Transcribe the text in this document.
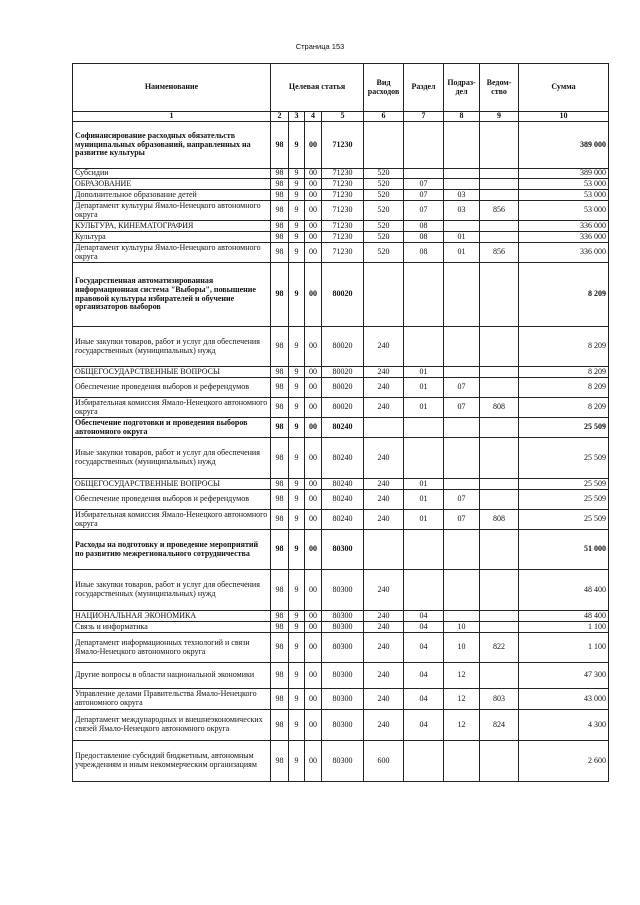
Страница 153
Наименование	Целевая статья				Вид расходов	Раздел	Подраз-дел	Ведом-ство	Сумма
1	2	3	4	5	6	7	8	9	10
Софинансирование расходных обязательств муниципальных образований, направленных на развитие культуры	98	9	00	71230					389 000
Субсидии	98	9	00	71230	520				389 000
ОБРАЗОВАНИЕ	98	9	00	71230	520	07			53 000
Дополнительное образование детей	98	9	00	71230	520	07	03		53 000
Департамент культуры Ямало-Ненецкого автономного округа	98	9	00	71230	520	07	03	856	53 000
КУЛЬТУРА, КИНЕМАТОГРАФИЯ	98	9	00	71230	520	08			336 000
Культура	98	9	00	71230	520	08	01		336 000
Департамент культуры Ямало-Ненецкого автономного округа	98	9	00	71230	520	08	01	856	336 000
Государственная автоматизированная информационная система "Выборы", повышение правовой культуры избирателей и обучение организаторов выборов	98	9	00	80020					8 209
Иные закупки товаров, работ и услуг для обеспечения государственных (муниципальных) нужд	98	9	00	80020	240				8 209
ОБЩЕГОСУДАРСТВЕННЫЕ ВОПРОСЫ	98	9	00	80020	240	01			8 209
Обеспечение проведения выборов и референдумов	98	9	00	80020	240	01	07		8 209
Избирательная комиссия Ямало-Ненецкого автономного округа	98	9	00	80020	240	01	07	808	8 209
Обеспечение подготовки и проведения выборов автономного округа	98	9	00	80240					25 509
Иные закупки товаров, работ и услуг для обеспечения государственных (муниципальных) нужд	98	9	00	80240	240				25 509
ОБЩЕГОСУДАРСТВЕННЫЕ ВОПРОСЫ	98	9	00	80240	240	01			25 509
Обеспечение проведения выборов и референдумов	98	9	00	80240	240	01	07		25 509
Избирательная комиссия Ямало-Ненецкого автономного округа	98	9	00	80240	240	01	07	808	25 509
Расходы на подготовку и проведение мероприятий по развитию межрегионального сотрудничества	98	9	00	80300					51 000
Иные закупки товаров, работ и услуг для обеспечения государственных (муниципальных) нужд	98	9	00	80300	240				48 400
НАЦИОНАЛЬНАЯ ЭКОНОМИКА	98	9	00	80300	240	04			48 400
Связь и информатика	98	9	00	80300	240	04	10		1 100
Департамент информационных технологий и связи Ямало-Ненецкого автономного округа	98	9	00	80300	240	04	10	822	1 100
Другие вопросы в области национальной экономики	98	9	00	80300	240	04	12		47 300
Управление делами Правительства Ямало-Ненецкого автономного округа	98	9	00	80300	240	04	12	803	43 000
Департамент международных и внешнеэкономических связей Ямало-Ненецкого автономного округа	98	9	00	80300	240	04	12	824	4 300
Предоставление субсидий бюджетным, автономным учреждениям и иным некоммерческим организациям	98	9	00	80300	600				2 600
